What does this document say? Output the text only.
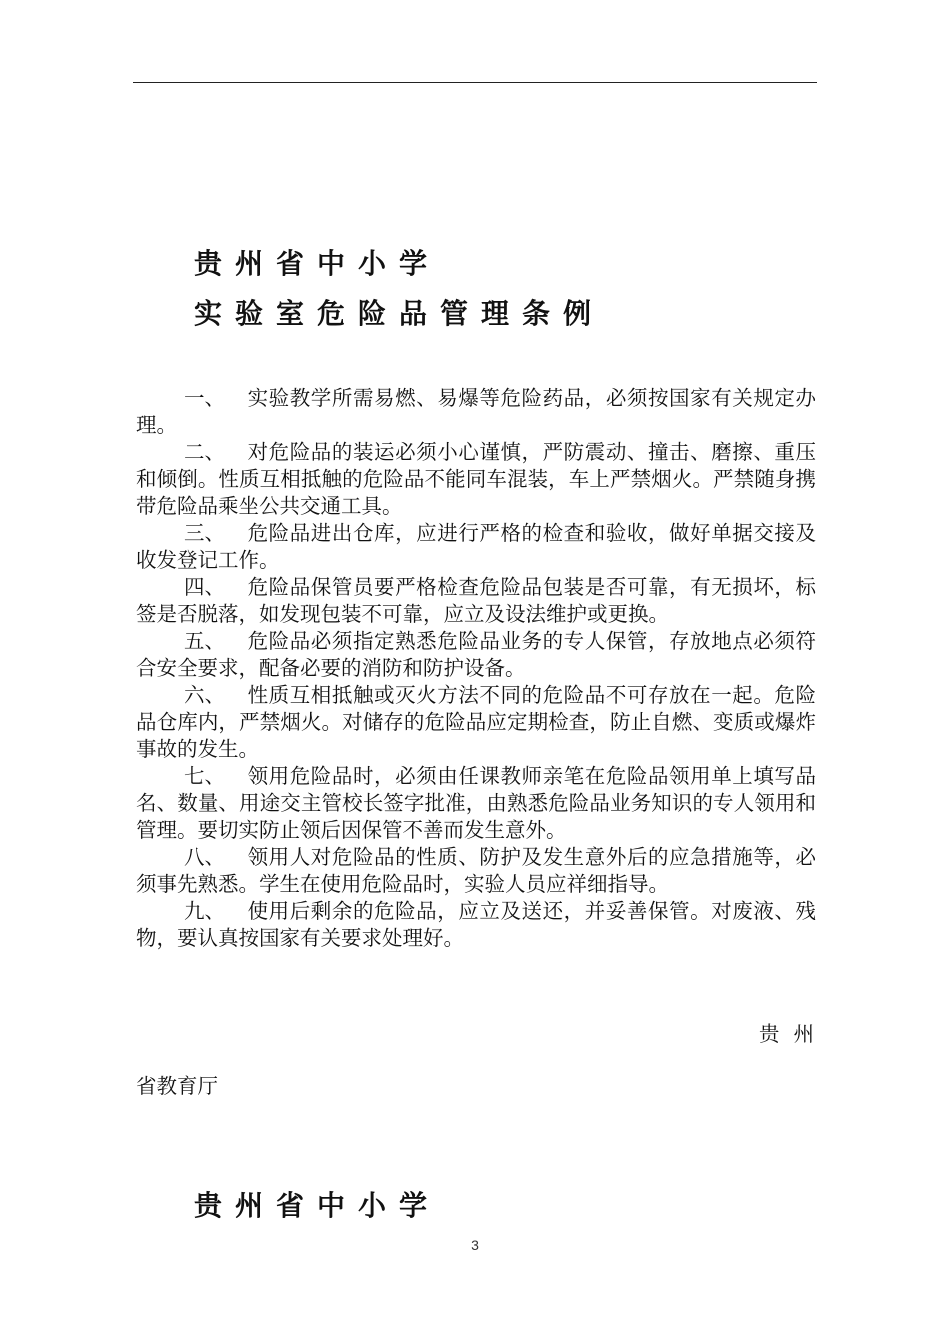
贵州省中小学
实验室危险品管理条例

一、 实验教学所需易燃、易爆等危险药品，必须按国家有关规定办理。

二、 对危险品的装运必须小心谨慎，严防震动、撞击、磨擦、重压和倾倒。性质互相抵触的危险品不能同车混装，车上严禁烟火。严禁随身携带危险品乘坐公共交通工具。

三、 危险品进出仓库，应进行严格的检查和验收，做好单据交接及收发登记工作。

四、 危险品保管员要严格检查危险品包装是否可靠，有无损坏，标签是否脱落，如发现包装不可靠，应立及设法维护或更换。

五、 危险品必须指定熟悉危险品业务的专人保管，存放地点必须符合安全要求，配备必要的消防和防护设备。

六、 性质互相抵触或灭火方法不同的危险品不可存放在一起。危险品仓库内，严禁烟火。对储存的危险品应定期检查，防止自燃、变质或爆炸事故的发生。

七、 领用危险品时，必须由任课教师亲笔在危险品领用单上填写品名、数量、用途交主管校长签字批准，由熟悉危险品业务知识的专人领用和管理。要切实防止领后因保管不善而发生意外。

八、 领用人对危险品的性质、防护及发生意外后的应急措施等，必须事先熟悉。学生在使用危险品时，实验人员应祥细指导。

九、 使用后剩余的危险品，应立及送还，并妥善保管。对废液、残物，要认真按国家有关要求处理好。

贵州
省教育厅
贵州省中小学
3
